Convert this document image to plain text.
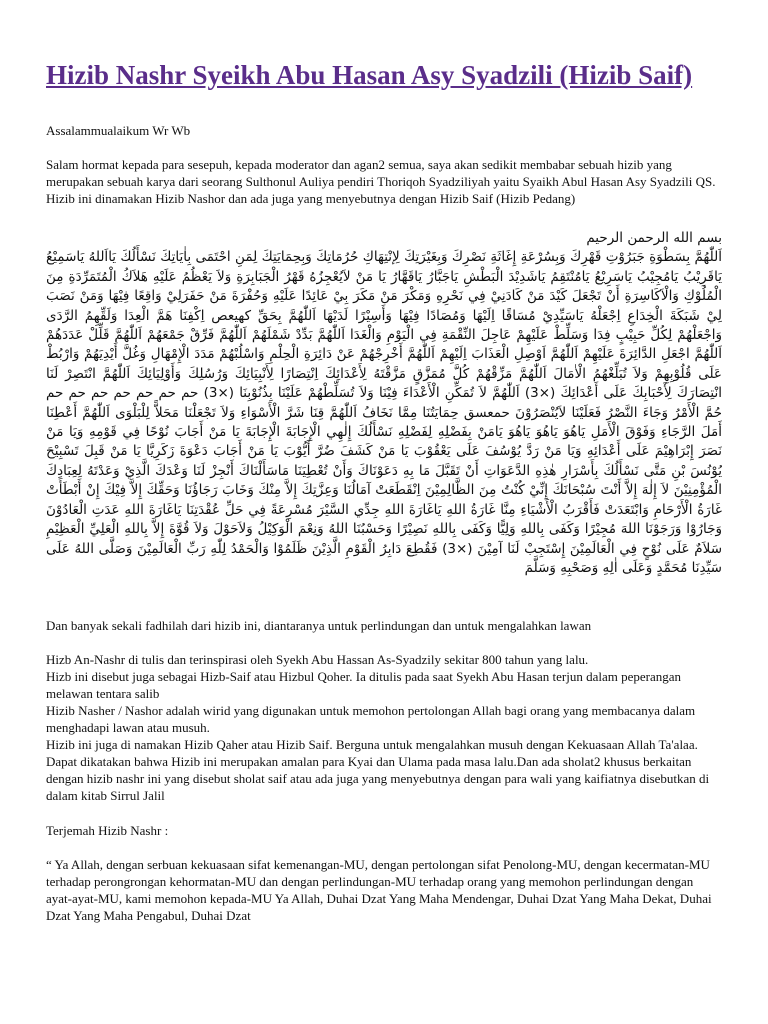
Hizib Nashr Syeikh Abu Hasan Asy Syadzili (Hizib Saif)

Assalammualaikum Wr Wb

Salam hormat kepada para sesepuh, kepada moderator dan agan2 semua, saya akan sedikit membabar sebuah hizib yang merupakan sebuah karya dari seorang Sulthonul Auliya pendiri Thoriqoh Syadziliyah yaitu Syaikh Abul Hasan Asy Syadzili QS. Hizib ini dinamakan Hizib Nashor dan ada juga yang menyebutnya dengan Hizib Saif (Hizib Pedang)

بسم الله الرحمن الرحيم
اَللّٰهُمَّ بِسَطْوَةِ جَبَرُوْتِ قَهْرِكَ وَبِسُرْعَةِ إِغَاثَةِ نَصْرِكَ وَبِغَيْرَتِكَ لِإنْتِهَاكِ حُرُمَاتِكَ وَبِحِمَايَتِكَ لِمَنِ احْتَمَى بِاٰيَاتِكَ نَسْأَلُكَ يَااَللهُ يَاسَمِيْعُ يَاقَرِيْبُ يَامُجِيْبُ يَاسَرِيْعُ يَامُنْتَقِمُ يَاشَدِيْدَ الْبَطْشِ يَاجَبَّارُ يَاقَهَّارُ يَا مَنْ لاَيُعْجِزُهُ قَهْرُ الْجَبَابِرَةِ وَلاَ يَعْظُمُ عَلَيْهِ هَلاَكُ الْمُتَمَرِّدَةِ مِنَ الْمُلُوْكِ وَالْاَكَاسِرَةِ أَنْ تَجْعَلَ كَيْدَ مَنْ كَادَنِيْ فِي نَحْرِهِ وَمَكْرَ مَنْ مَكَرَ بِيْ عَائِدًا عَلَيْهِ وَحُفْرَةَ مَنْ حَفَرَلِيْ وَاقِعًا فِيْهَا وَمَنْ نَصَبَ لِيْ شَبَكَةَ الْخِدَاعِ اِجْعَلْهُ يَاسَيِّدِيْ مُسَاقًا اِلَيْهَا وَمُصَادًا فِيْهَا وَأَسِيْرًا لَدَيْهَا اَللّٰهُمَّ بِحَقِّ كهيعص اِكْفِنَا هَمَّ الْعِدَا وَلَقِّهِمُ الرَّدَى وَاجْعَلْهُمْ لِكُلِّ حَبِيْبٍ فِدَا وَسَلِّطْ عَلَيْهِمْ عَاجِلَ النِّقْمَةِ فِي الْيَوْمِ وَالْغَدَا اَللّٰهُمَّ بَدِّدْ شَمْلَهُمْ اَللّٰهُمَّ فَرِّقْ جَمْعَهُمْ اَللّٰهُمَّ قَلِّلْ عَدَدَهُمْ اَللّٰهُمَّ اجْعَلِ الدَّائِرَةَ عَلَيْهِمْ اَللّٰهُمَّ اَوْصِلِ الْعَذَابَ اِلَيْهِمْ اَللّٰهُمَّ أَخْرِجْهُمْ عَنْ دَائِرَةِ الْحِلْمِ وَاسْلُبْهُمْ مَدَدَ الْإِمْهَالِ وَغُلَّ أَيْدِيَهُمْ وَارْبُطْ عَلَى قُلُوْبِهِمْ وَلاَ تُبَلِّغْهُمُ الْاٰمَالَ اَللّٰهُمَّ مَزِّقْهُمْ كُلَّ مُمَزَّقٍ مَزَّقْتَهُ لِأَعْدَائِكَ اِنْتِصَارًا لِأَنْبِيَائِكَ وَرُسُلِكَ وَأَوْلِيَائِكَ اَللّٰهُمَّ انْتَصِرْ لَنَا انْتِصَارَكَ لِأَحْبَابِكَ عَلَى أَعْدَائِكَ (×3) اَللّٰهُمَّ لاَ تُمَكِّنِ الْأَعْدَاءَ فِيْنَا وَلاَ تُسَلِّطْهُمْ عَلَيْنَا بِذُنُوْبِنَا (×3) حم حم حم حم حم حم حم حُمَّ الْأَمْرُ وَجَاءَ النَّصْرُ فَعَلَيْنَا لاَيُنْصَرُوْنَ حمعسق حِمَايَتُنَا مِمَّا نَخَافُ اَللّٰهُمَّ قِنَا شَرَّ الْأَسْوَاءِ وَلاَ تَجْعَلْنَا مَحَلاًّ لِلْبَلْوَى اَللّٰهُمَّ أَعْطِنَا أَمَلَ الرَّجَاءِ وَفَوْقَ الْأَمَلِ يَاهُوَ يَاهُوَ يَاهُوَ يَامَنْ بِفَضْلِهِ لِفَضْلِهِ نَسْأَلُكَ إِلٰهِي الْإِجَابَةَ الْإِجَابَةَ يَا مَنْ أَجَابَ نُوْحًا فِي قَوْمِهِ وَيَا مَنْ نَصَرَ إِبْرَاهِيْمَ عَلَى أَعْدَائِهِ وَيَا مَنْ رَدَّ يُوْسُفَ عَلَى يَعْقُوْبَ يَا مَنْ كَشَفَ ضُرَّ أَيُّوْبَ يَا مَنْ أَجَابَ دَعْوَةَ زَكَرِيَّا يَا مَنْ قَبِلَ تَسْبِيْحَ يُوْنُسَ بْنِ مَتَّى نَسْأَلُكَ بِأَسْرَارِ هٰذِهِ الدَّعَوَاتِ أَنْ تَقَبَّلَ مَا بِهِ دَعَوْنَاكَ وَأَنْ تُعْطِيَنَا مَاسَأَلْنَاكَ أَنْجِزْ لَنَا وَعْدَكَ الَّذِيْ وَعَدْتَهُ لِعِبَادِكَ الْمُؤْمِنِيْنَ لاَ إِلٰهَ إِلاَّ أَنْتَ سُبْحَانَكَ إِنِّيْ كُنْتُ مِنَ الظَّالِمِيْنَ اِنْقَطَعَتْ آمَالُنَا وَعِزَّتِكَ إِلاَّ مِنْكَ وَخَابَ رَجَاؤُنَا وَحَقِّكَ إِلاَّ فِيْكَ إِنْ أَبْطَأَتْ غَارَةُ الْأَرْحَامِ وَابْتَعَدَتْ فَأَقْرَبُ الْأَشْيَاءِ مِنَّا غَارَةُ اللهِ يَاغَارَةَ اللهِ جِدِّي السَّيْرَ مُسْرِعَةً فِي حَلِّ عُقْدَتِنَا يَاغَارَةَ اللهِ عَدَتِ الْعَادُوْنَ وَجَارُوْا وَرَجَوْنَا اللهَ مُجِيْرًا وَكَفَى بِاللهِ وَلِيًّا وَكَفَى بِاللهِ نَصِيْرًا وَحَسْبُنَا اللهُ وَنِعْمَ الْوَكِيْلُ وَلاَحَوْلَ وَلاَ قُوَّةَ إِلاَّ بِاللهِ الْعَلِيِّ الْعَظِيْمِ سَلاَمٌ عَلَى نُوْحٍ فِي الْعَالَمِيْنَ إِسْتَجِبْ لَنَا آمِيْنَ (×3) فَقُطِعَ دَابِرُ الْقَوْمِ الَّذِيْنَ ظَلَمُوْا وَالْحَمْدُ لِلّٰهِ رَبِّ الْعَالَمِيْنَ وَصَلَّى اللهُ عَلَى سَيِّدِنَا مُحَمَّدٍ وَعَلَى اٰلِهِ وَصَحْبِهِ وَسَلَّمَ

Dan banyak sekali fadhilah dari hizib ini, diantaranya untuk perlindungan dan untuk mengalahkan lawan

Hizb An-Nashr di tulis dan terinspirasi oleh Syekh Abu Hassan As-Syadzily sekitar 800 tahun yang lalu.
Hizb ini disebut juga sebagai Hizb-Saif atau Hizbul Qoher. Ia ditulis pada saat Syekh Abu Hasan terjun dalam peperangan melawan tentara salib
Hizib Nasher / Nashor adalah wirid yang digunakan untuk memohon pertolongan Allah bagi orang yang membacanya dalam menghadapi lawan atau musuh.
Hizib ini juga di namakan Hizib Qaher atau Hizib Saif. Berguna untuk mengalahkan musuh dengan Kekuasaan Allah Ta'alaa. Dapat dikatakan bahwa Hizib ini merupakan amalan para Kyai dan Ulama pada masa lalu.Dan ada sholat2 khusus berkaitan dengan hizib nashr ini yang disebut sholat saif atau ada juga yang menyebutnya dengan para wali yang kaifiatnya disebutkan di dalam kitab Sirrul Jalil

Terjemah Hizib Nashr :

“ Ya Allah, dengan serbuan kekuasaan sifat kemenangan-MU, dengan pertolongan sifat Penolong-MU, dengan kecermatan-MU terhadap perongrongan kehormatan-MU dan dengan perlindungan-MU terhadap orang yang memohon perlindungan dengan ayat-ayat-MU, kami memohon kepada-MU Ya Allah, Duhai Dzat Yang Maha Mendengar, Duhai Dzat Yang Maha Dekat, Duhai Dzat Yang Maha Pengabul, Duhai Dzat
